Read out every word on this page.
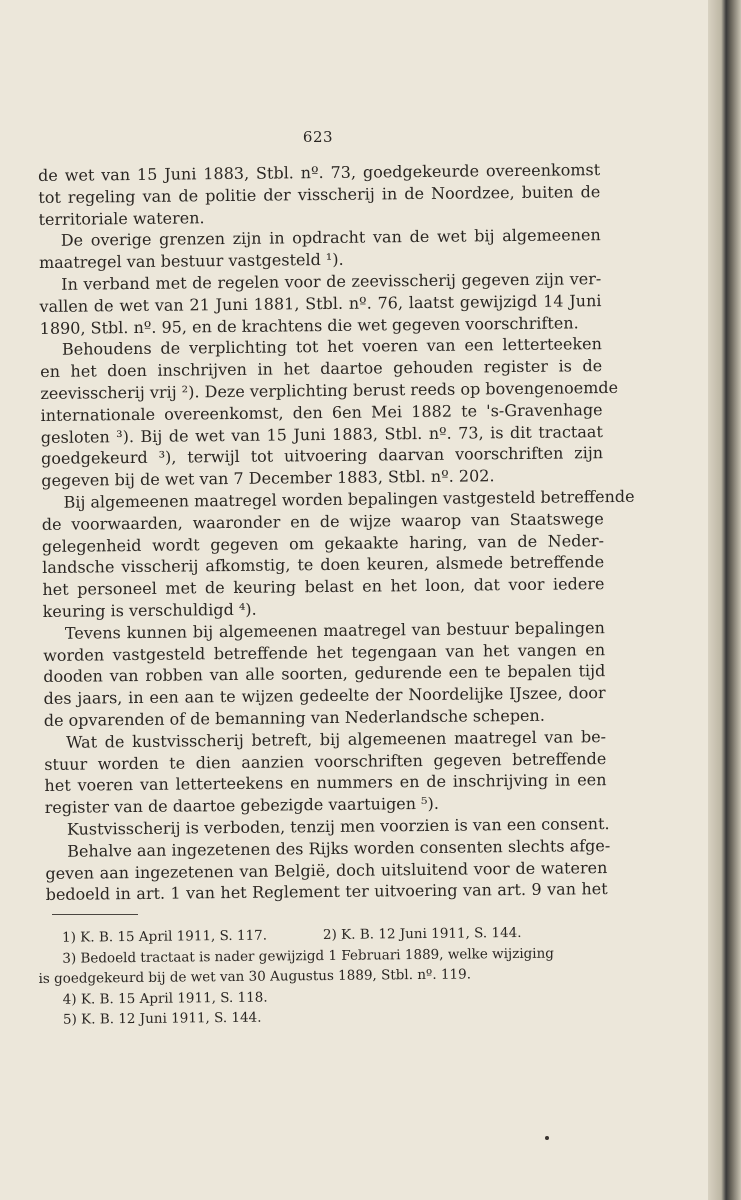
623
de wet van 15 Juni 1883, Stbl. nº. 73, goedgekeurde overeenkomst
tot regeling van de politie der visscherij in de Noordzee, buiten de
territoriale wateren.
De overige grenzen zijn in opdracht van de wet bij algemeenen
maatregel van bestuur vastgesteld ¹).
In verband met de regelen voor de zeevisscherij gegeven zijn ver-
vallen de wet van 21 Juni 1881, Stbl. nº. 76, laatst gewijzigd 14 Juni
1890, Stbl. nº. 95, en de krachtens die wet gegeven voorschriften.
Behoudens de verplichting tot het voeren van een letterteeken
en het doen inschrijven in het daartoe gehouden register is de
zeevisscherij vrij ²). Deze verplichting berust reeds op bovengenoemde
internationale overeenkomst, den 6en Mei 1882 te 's-Gravenhage
gesloten ³). Bij de wet van 15 Juni 1883, Stbl. nº. 73, is dit tractaat
goedgekeurd ³), terwijl tot uitvoering daarvan voorschriften zijn
gegeven bij de wet van 7 December 1883, Stbl. nº. 202.
Bij algemeenen maatregel worden bepalingen vastgesteld betreffende
de voorwaarden, waaronder en de wijze waarop van Staatswege
gelegenheid wordt gegeven om gekaakte haring, van de Neder-
landsche visscherij afkomstig, te doen keuren, alsmede betreffende
het personeel met de keuring belast en het loon, dat voor iedere
keuring is verschuldigd ⁴).
Tevens kunnen bij algemeenen maatregel van bestuur bepalingen
worden vastgesteld betreffende het tegengaan van het vangen en
dooden van robben van alle soorten, gedurende een te bepalen tijd
des jaars, in een aan te wijzen gedeelte der Noordelijke IJszee, door
de opvarenden of de bemanning van Nederlandsche schepen.
Wat de kustvisscherij betreft, bij algemeenen maatregel van be-
stuur worden te dien aanzien voorschriften gegeven betreffende
het voeren van letterteekens en nummers en de inschrijving in een
register van de daartoe gebezigde vaartuigen ⁵).
Kustvisscherij is verboden, tenzij men voorzien is van een consent.
Behalve aan ingezetenen des Rijks worden consenten slechts afge-
geven aan ingezetenen van België, doch uitsluitend voor de wateren
bedoeld in art. 1 van het Reglement ter uitvoering van art. 9 van het
1) K. B. 15 April 1911, S. 117.	2) K. B. 12 Juni 1911, S. 144.
3) Bedoeld tractaat is nader gewijzigd 1 Februari 1889, welke wijziging
is goedgekeurd bij de wet van 30 Augustus 1889, Stbl. nº. 119.
4) K. B. 15 April 1911, S. 118.
5) K. B. 12 Juni 1911, S. 144.
